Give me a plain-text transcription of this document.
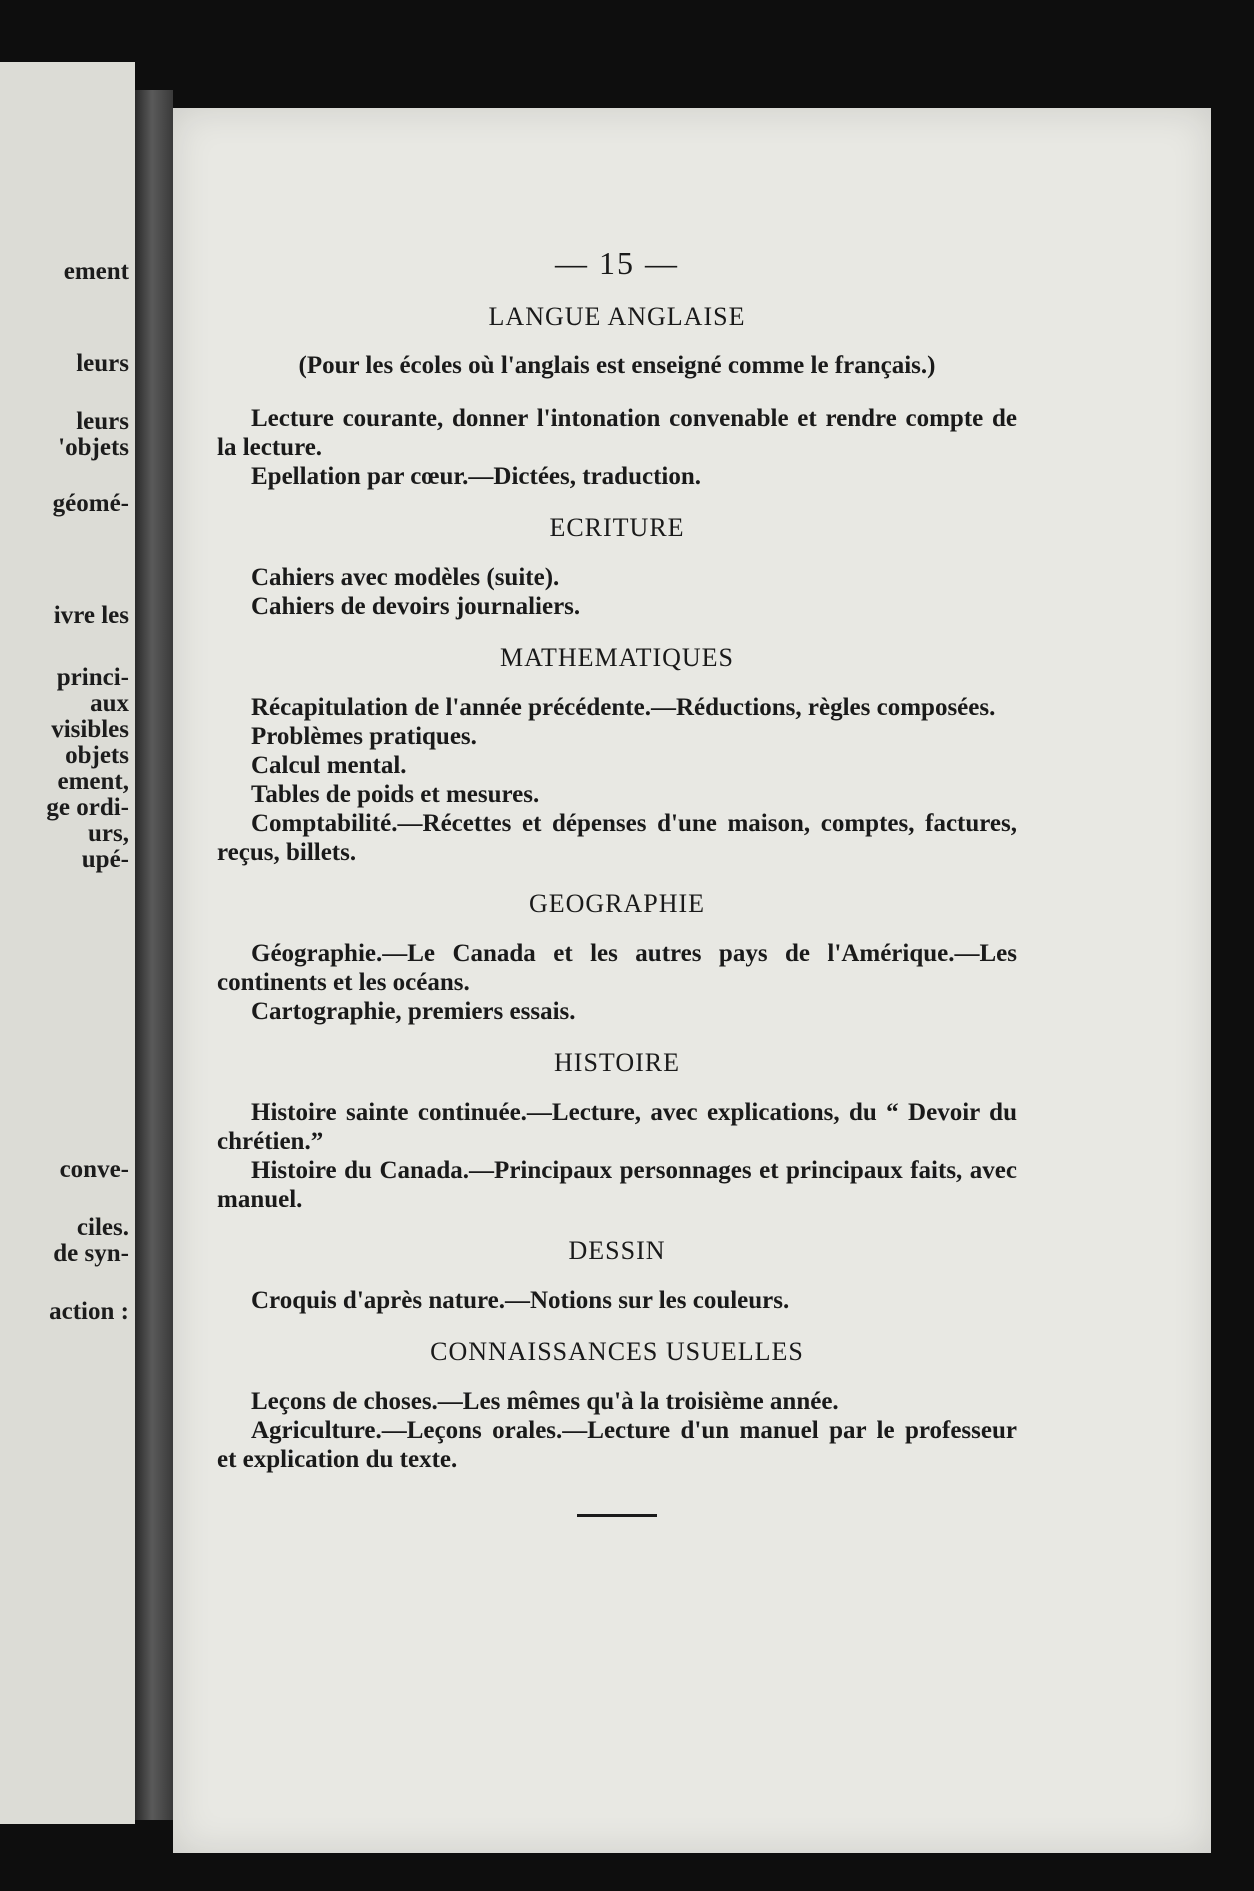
ement
leurs
leurs
'objets
géomé-
ivre les
princi-
aux
visibles
objets
ement,
ge ordi-
urs,
upé-
conve-
ciles.
de syn-
action :
— 15 —
LANGUE ANGLAISE
(Pour les écoles où l'anglais est enseigné comme le français.)

Lecture courante, donner l'intonation convenable et rendre compte de la lecture.

Epellation par cœur.—Dictées, traduction.

ECRITURE

Cahiers avec modèles (suite).

Cahiers de devoirs journaliers.

MATHEMATIQUES

Récapitulation de l'année précédente.—Réductions, règles composées.

Problèmes pratiques.

Calcul mental.

Tables de poids et mesures.

Comptabilité.—Récettes et dépenses d'une maison, comptes, factures, reçus, billets.

GEOGRAPHIE

Géographie.—Le Canada et les autres pays de l'Amérique.—Les continents et les océans.

Cartographie, premiers essais.

HISTOIRE

Histoire sainte continuée.—Lecture, avec explications, du “ Devoir du chrétien.”

Histoire du Canada.—Principaux personnages et principaux faits, avec manuel.

DESSIN

Croquis d'après nature.—Notions sur les couleurs.

CONNAISSANCES USUELLES

Leçons de choses.—Les mêmes qu'à la troisième année.

Agriculture.—Leçons orales.—Lecture d'un manuel par le professeur et explication du texte.
